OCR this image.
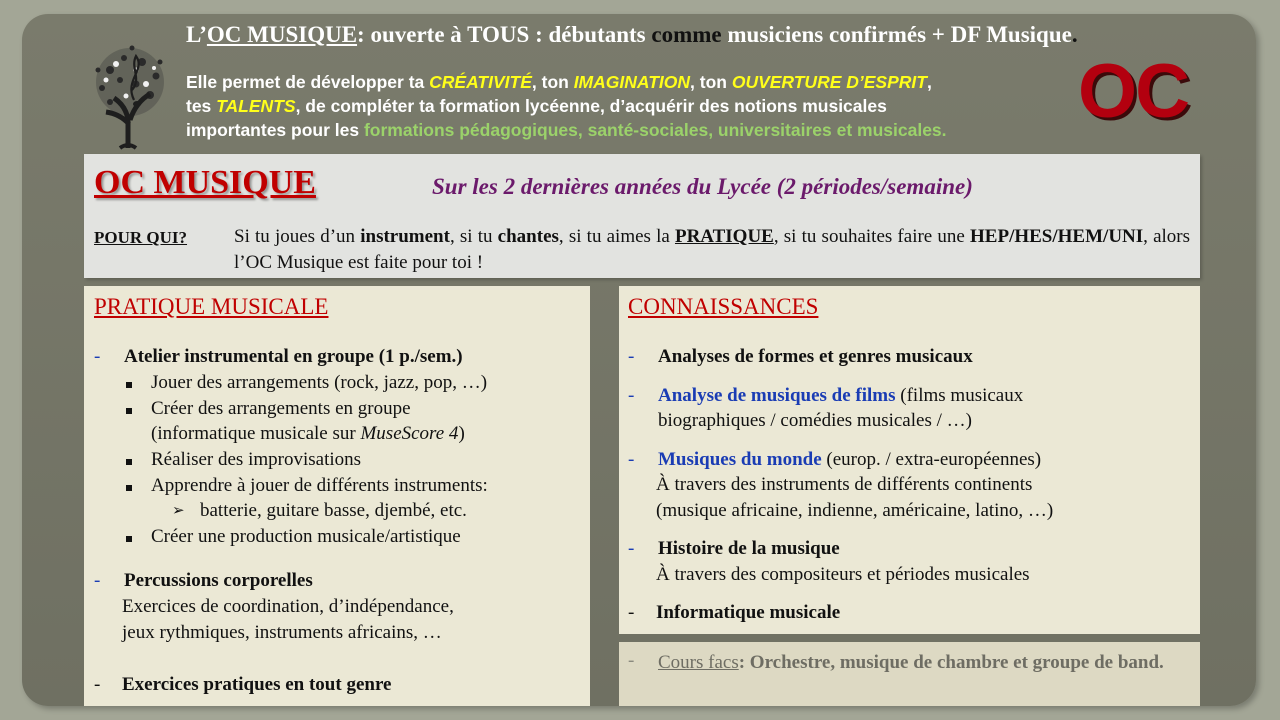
L’OC MUSIQUE: ouverte à TOUS : débutants comme musiciens confirmés + DF Musique.
Elle permet de développer ta CRÉATIVITÉ, ton IMAGINATION, ton OUVERTURE D’ESPRIT,
tes TALENTS, de compléter ta formation lycéenne, d’acquérir des notions musicales
importantes pour les formations pédagogiques, santé-sociales, universitaires et musicales.	OC
OC MUSIQUE	Sur les 2 dernières années du Lycée (2 périodes/semaine)
POUR QUI? Si tu joues d’un instrument, si tu chantes, si tu aimes la PRATIQUE, si tu souhaites faire une HEP/HES/HEM/UNI, alors l’OC Musique est faite pour toi !
PRATIQUE MUSICALE
- Atelier instrumental en groupe (1 p./sem.)
Jouer des arrangements (rock, jazz, pop, …)
Créer des arrangements en groupe
(informatique musicale sur MuseScore 4)
Réaliser des improvisations
Apprendre à jouer de différents instruments:
➢ batterie, guitare basse, djembé, etc.
Créer une production musicale/artistique
- Percussions corporelles
Exercices de coordination, d’indépendance,
jeux rythmiques, instruments africains, …
- Exercices pratiques en tout genre
CONNAISSANCES
- Analyses de formes et genres musicaux
- Analyse de musiques de films (films musicaux
biographiques / comédies musicales / …)
- Musiques du monde (europ. / extra-européennes)
À travers des instruments de différents continents
(musique africaine, indienne, américaine, latino, …)
- Histoire de la musique
À travers des compositeurs et périodes musicales
- Informatique musicale
- Cours facs: Orchestre, musique de chambre et groupe de band.
